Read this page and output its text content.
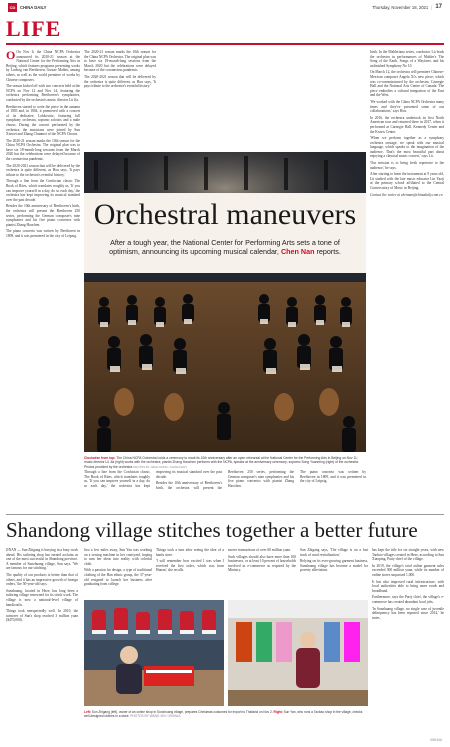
CD	CHINA DAILY	Thursday, November 18, 2021 | 17
LIFE

O On Nov 6, the China NCPA Orchestra announced its 2020-21 season at the National Center for the Performing Arts in Beijing, which features programs presenting works by Ludwig van Beethoven, Gustav Mahler, among others, as well as the world premiere of works by Chinese composers.

The season kicked off with two concerts held at the NCPA on Nov 12 and Nov 14, featuring the orchestra performing Beethoven's symphonies, conducted by the orchestra's music director Lü Jia.

Beethoven started to write the piece in the autumn of 1803 and, in 1804, it premiered with a concert of its dedicatee, Lobkowitz, featuring full symphony orchestra, soprano soloists and a male chorus. During the concert performed by the orchestra, the musicians were joined by Sun Xiuwei and Zhang Chunmei of the NCPA Chorus.

The 2020-21 season marks the 10th season for the China NCPA Orchestra. The original plan was to have six 18-month-long sessions from the March 2020 but the celebrations were delayed because of the coronavirus pandemic.

The 2020-2021 season that will be delivered by the orchestra is quite different, as Hou says, 'It pays tribute to the orchestra's eventful history.'

Through a line from the Confucian classic The Book of Rites, which translates roughly as, 'If you can improve yourself in a day, do so each day,' the orchestra has kept improving its musical standard over the past decade.

Besides the 10th anniversary of Beethoven's birth, the orchestra will present the Beethoven 250 series, performing the German composer's nine symphonies and his five piano concertos with pianist Zhang Haochen.

The piano concerto was written by Beethoven in 1809, and it was premiered in the city of Leipzig.

The 2020-21 season marks the 10th season for the China NCPA Orchestra. The original plan was to have six 18-month-long sessions from the March 2020 but the celebrations were delayed because of the coronavirus pandemic.

The 2020-2021 season that will be delivered by the orchestra is quite different, as Hou says, 'It pays tribute to the orchestra's eventful history.'

Orchestral maneuvers
After a tough year, the National Center for Performing Arts sets a tone of
optimism, announcing its upcoming musical calendar, Chen Nan reports.

birth. In the Mahleriana series, conductor Lü leads the orchestra in performances of Mahler's The Song of the Earth, Songs of a Wayfarer, and his unfinished Symphony No 10.

On March 12, the orchestra will premiere Chinese-Mexican composer Angela Xi's new piece, which was co-commissioned by the orchestra, Carnegie Hall and the National Arts Centre of Canada. The piece embodies a cultural integration of the East and the West.

'We worked with the China NCPA Orchestra many times and they've presented some of our collaborations,' says Hou.

In 2016, the orchestra undertook its first North American tour and returned there in 2017, when it performed at Carnegie Hall, Kennedy Center and the Kravis Center.

'When we perform together as a symphony orchestra onstage, we speak with our musical language, which speaks to the imagination of the audience. That's the most beautiful part about enjoying a classical music concert,' says Lü.

'Our mission is to bring fresh repertoire to the audience,' he says.

After starting to learn the instrument at 9 years old, Lü studied with the late music educator Lin Yaoji at the primary school affiliated to the Central Conservatory of Music in Beijing.

Contact the writer at chennan@chinadaily.com.cn

Clockwise from top: The China NCPA Orchestra holds a ceremony to mark its 10th anniversary after an open rehearsal at the National Center for the Performing Arts in Beijing on Nov 11; music director Lü Jia (right) works with the orchestra; pianist Zhang Haochen performs with the NCPA, speaks at the anniversary ceremony; soprano Song Yuanming (right) of the orchestra. Photos provided by the orchestra PHOTOS BY JIANG DONG / CHINA DAILY

Through a line from the Confucian classic The Book of Rites, which translates roughly as, 'If you can improve yourself in a day, do so each day,' the orchestra has kept improving its musical standard over the past decade.

Besides the 10th anniversary of Beethoven's birth, the orchestra will present the Beethoven 250 series, performing the German composer's nine symphonies and his five piano concertos with pianist Zhang Haochen.

The piano concerto was written by Beethoven in 1809, and it was premiered in the city of Leipzig.

Shandong village stitches together a better future

JINAN — Sun Zhigang is busying in a busy work ahead. His tailoring shop has earned acclaim as one of the most successful in Shandong province. A member of Sunzhuang village, Sun says, 'We are famous for our stitching.'

The quality of our products is better than that of others, and it has an impressive growth of foreign orders,' the 50-year-old says.

Sunzhuang, located in Heze, has long been a tailoring village renowned for its stitch work. The village is now a national-level village of handicrafts.

Things took unexpectedly well. In 2010, the turnover of Sun's shop reached 3 million yuan ($470,000).

Just a few miles away, Sun Yan was working on a sewing machine in her courtyard, hoping to turn her ideas into reality with colorful cloth.

With a passion for design, a type of traditional clothing of the Han ethnic group, the 37-year-old resigned to launch her business after graduating from college.

Things took a turn after seeing the idea of a hanfu store.

'I will remember how excited I was when I received the first order, which was from Hunan,' she recalls.

mover transactions of over 60 million yuan.

Such villages should also have more than 100 businesses, or at least 10 percent of households involved in e-commerce as required by the Ministry.

Sun Zhigang says, 'The village is on a fast track of rural revitalization.'

Relying on its ever-growing garment business, Sunzhuang village has become a model for poverty alleviation.

has kept the title for six straight years, with new Taobao villages created in Heze, according to Sun Xiaoping, Party chief of the village.

In 2019, the village's total online garment sales exceeded 300 million yuan, while its number of online stores surpassed 1,000.

It has also improved rural infrastructure, with local authorities able to bring more roads and broadband.

Furthermore, says the Party chief, the village's e-commerce has created abundant local jobs.

'In Sunzhuang village, no single case of juvenile delinquency has been reported since 2014,' he notes.

Left: Sun Zhigang (left), owner of an online shop in Sunzhuang village, prepares Christmas costumes for export to Thailand on Nov 2. Right: Sun Yan, who runs a Taobao shop in the village, checks well-designed clothes in a store. PHOTOS BY WANG XIN / XINHUA
XINHUA
